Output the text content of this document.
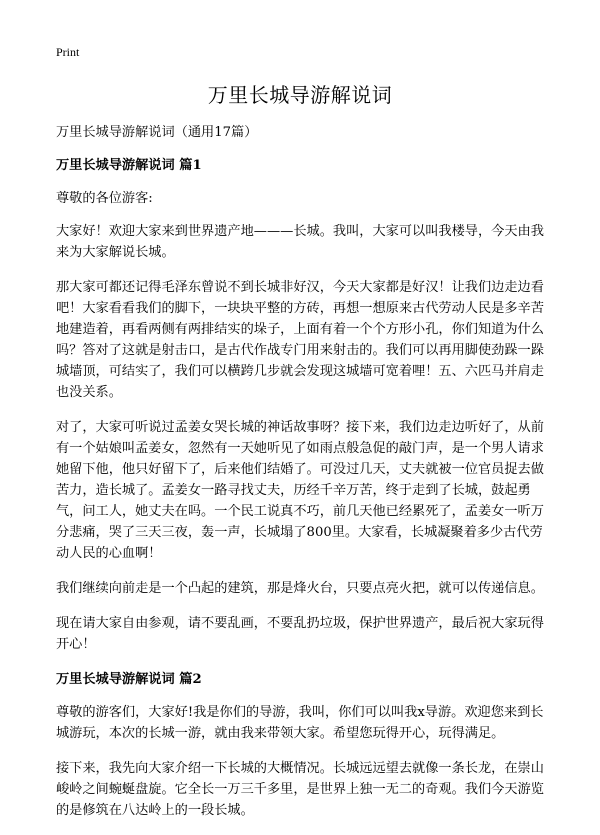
Print
万里长城导游解说词

万里长城导游解说词（通用17篇）

万里长城导游解说词 篇1

尊敬的各位游客:

大家好！欢迎大家来到世界遗产地———长城。我叫，大家可以叫我楼导，今天由我来为大家解说长城。

那大家可都还记得毛泽东曾说不到长城非好汉，今天大家都是好汉！让我们边走边看吧！大家看看我们的脚下，一块块平整的方砖，再想一想原来古代劳动人民是多辛苦地建造着，再看两侧有两排结实的垛子，上面有着一个个方形小孔，你们知道为什么吗？答对了这就是射击口，是古代作战专门用来射击的。我们可以再用脚使劲跺一跺城墙顶，可结实了，我们可以横跨几步就会发现这城墙可宽着哩！五、六匹马并肩走也没关系。

对了，大家可听说过孟姜女哭长城的神话故事呀？接下来，我们边走边听好了，从前有一个姑娘叫孟姜女，忽然有一天她听见了如雨点般急促的敲门声，是一个男人请求她留下他，他只好留下了，后来他们结婚了。可没过几天，丈夫就被一位官员捉去做苦力，造长城了。孟姜女一路寻找丈夫，历经千辛万苦，终于走到了长城，鼓起勇气，问工人，她丈夫在吗。一个民工说真不巧，前几天他已经累死了，孟姜女一听万分悲痛，哭了三天三夜，轰一声，长城塌了800里。大家看，长城凝聚着多少古代劳动人民的心血啊！

我们继续向前走是一个凸起的建筑，那是烽火台，只要点亮火把，就可以传递信息。

现在请大家自由参观，请不要乱画，不要乱扔垃圾，保护世界遗产，最后祝大家玩得开心！

万里长城导游解说词 篇2

尊敬的游客们，大家好!我是你们的导游，我叫，你们可以叫我x导游。欢迎您来到长城游玩，本次的长城一游，就由我来带领大家。希望您玩得开心，玩得满足。

接下来，我先向大家介绍一下长城的大概情况。长城远远望去就像一条长龙，在崇山峻岭之间蜿蜒盘旋。它全长一万三千多里，是世界上独一无二的奇观。我们今天游览的是修筑在八达岭上的一段长城。
